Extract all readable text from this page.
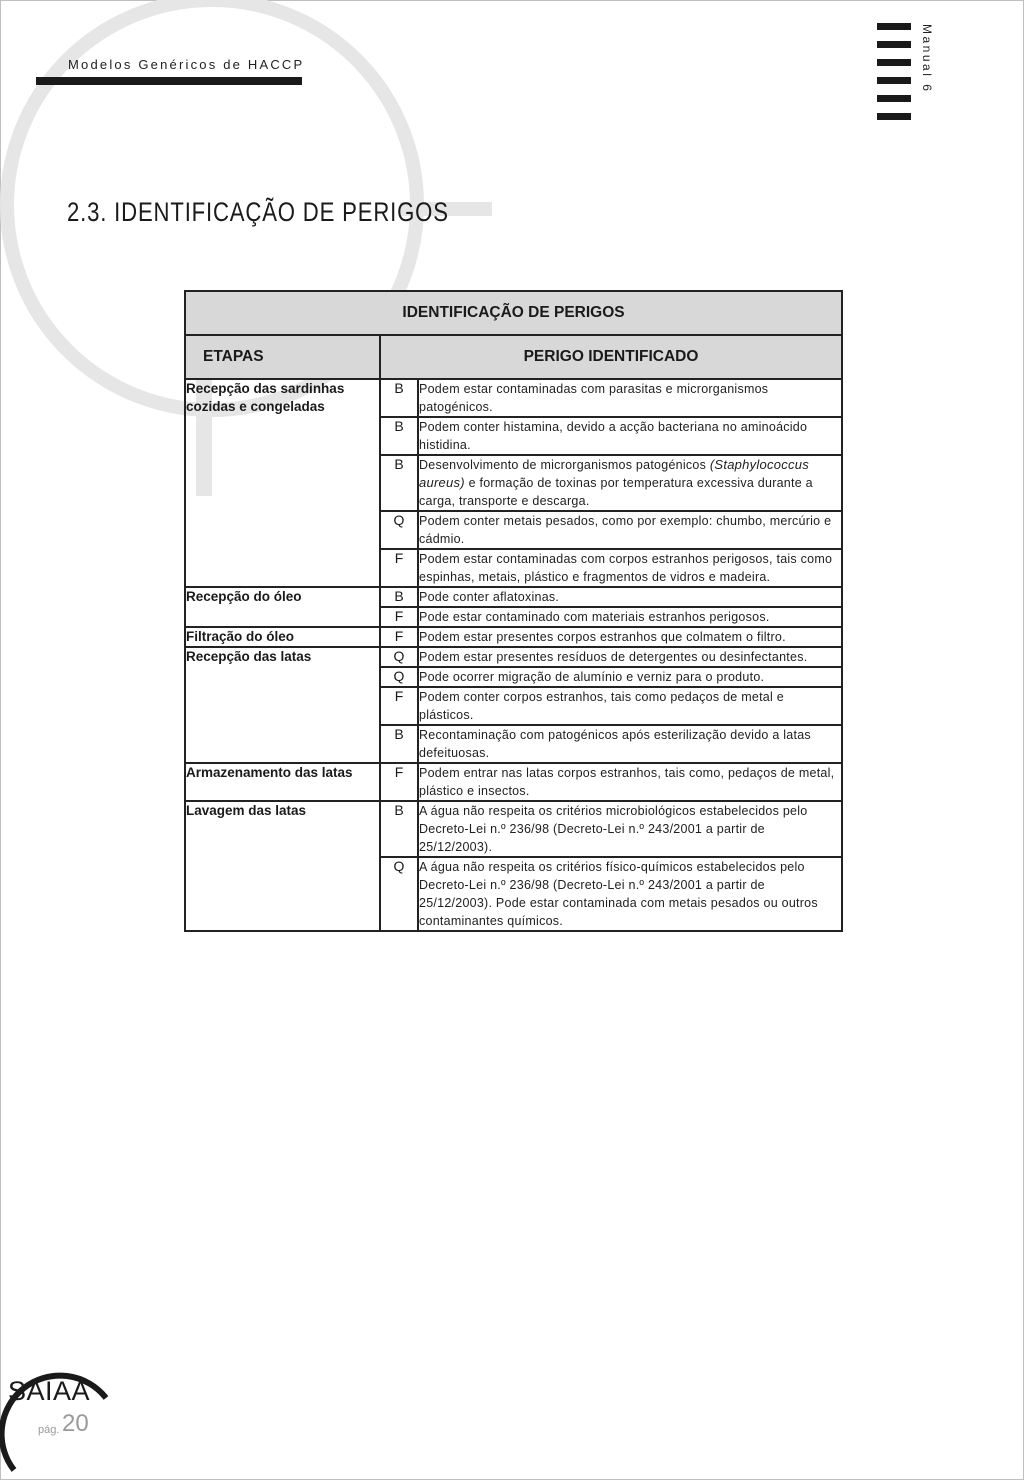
Modelos Genéricos de HACCP	Manual 6
2.3. IDENTIFICAÇÃO DE PERIGOS
IDENTIFICAÇÃO DE PERIGOS		
ETAPAS	PERIGO IDENTIFICADO	
Recepção das sardinhas cozidas e congeladas	B	Podem estar contaminadas com parasitas e microrganismos patogénicos.
	B	Podem conter histamina, devido a acção bacteriana no aminoácido histidina.
	B	Desenvolvimento de microrganismos patogénicos (Staphylococcus aureus) e formação de toxinas por temperatura excessiva durante a carga, transporte e descarga.
	Q	Podem conter metais pesados, como por exemplo: chumbo, mercúrio e cádmio.
	F	Podem estar contaminadas com corpos estranhos perigosos, tais como espinhas, metais, plástico e fragmentos de vidros e madeira.
Recepção do óleo	B	Pode conter aflatoxinas.
	F	Pode estar contaminado com materiais estranhos perigosos.
Filtração do óleo	F	Podem estar presentes corpos estranhos que colmatem o filtro.
Recepção das latas	Q	Podem estar presentes resíduos de detergentes ou desinfectantes.
	Q	Pode ocorrer migração de alumínio e verniz para o produto.
	F	Podem conter corpos estranhos, tais como pedaços de metal e plásticos.
	B	Recontaminação com patogénicos após esterilização devido a latas defeituosas.
Armazenamento das latas	F	Podem entrar nas latas corpos estranhos, tais como, pedaços de metal, plástico e insectos.
Lavagem das latas	B	A água não respeita os critérios microbiológicos estabelecidos pelo Decreto-Lei n.º 236/98 (Decreto-Lei n.º 243/2001 a partir de 25/12/2003).
	Q	A água não respeita os critérios físico-químicos estabelecidos pelo Decreto-Lei n.º 236/98 (Decreto-Lei n.º 243/2001 a partir de 25/12/2003). Pode estar contaminada com metais pesados ou outros contaminantes químicos.
SAIAA
pág. 20
